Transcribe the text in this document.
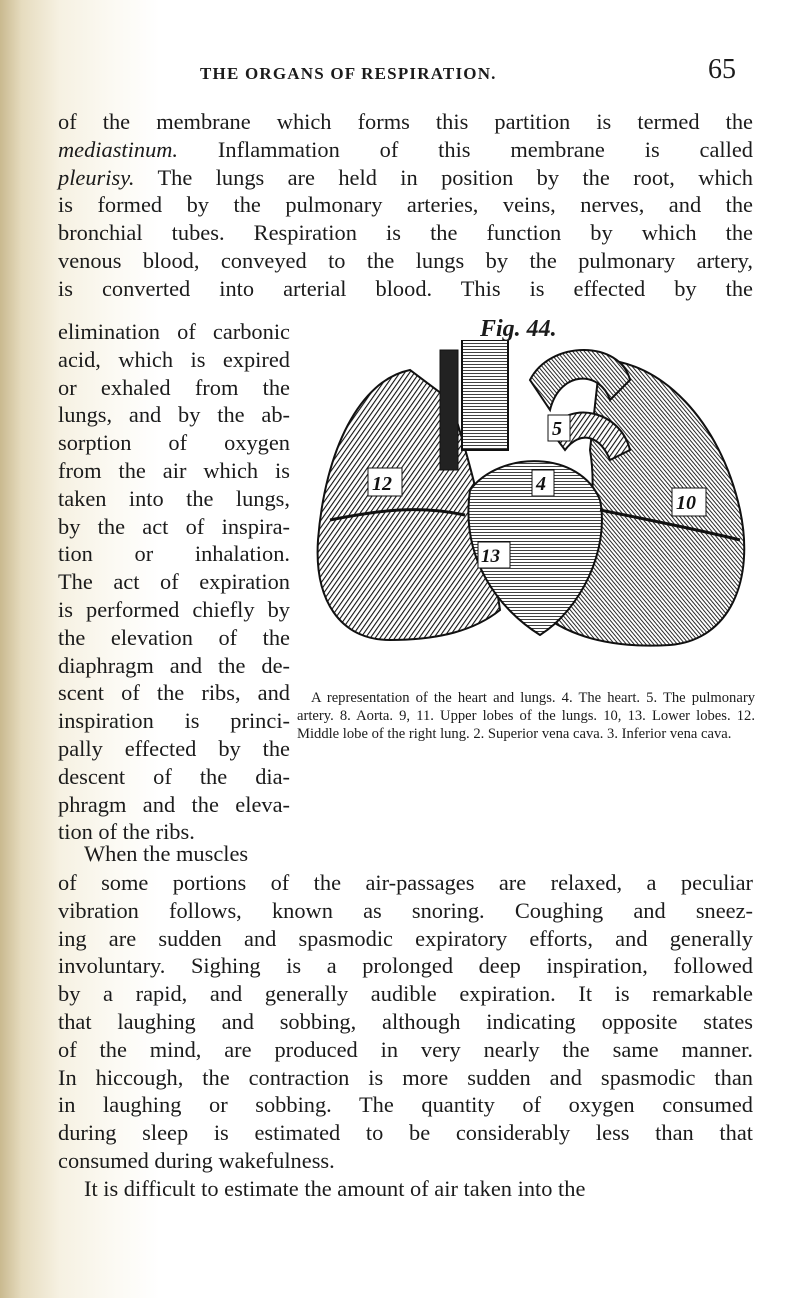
THE ORGANS OF RESPIRATION.	65
of the membrane which forms this partition is termed the
mediastinum. Inflammation of this membrane is called
pleurisy. The lungs are held in position by the root, which
is formed by the pulmonary arteries, veins, nerves, and the
bronchial tubes. Respiration is the function by which the
venous blood, conveyed to the lungs by the pulmonary artery,
is converted into arterial blood. This is effected by the
elimination of carbonic
acid, which is expired
or exhaled from the
lungs, and by the ab-
sorption of oxygen
from the air which is
taken into the lungs,
by the act of inspira-
tion or inhalation.
The act of expiration
is performed chiefly by
the elevation of the
diaphragm and the de-
scent of the ribs, and
inspiration is princi-
pally effected by the
descent of the dia-
phragm and the eleva-
tion of the ribs.
Fig. 44.
5
12	4
10
13
A representation of the heart and lungs. 4. The heart. 5. The pulmonary artery. 8. Aorta. 9, 11. Upper lobes of the lungs. 10, 13. Lower lobes. 12. Middle lobe of the right lung. 2. Superior vena cava. 3. Inferior vena cava.
When the muscles
of some portions of the air-passages are relaxed, a peculiar
vibration follows, known as snoring. Coughing and sneez-
ing are sudden and spasmodic expiratory efforts, and generally
involuntary. Sighing is a prolonged deep inspiration, followed
by a rapid, and generally audible expiration. It is remarkable
that laughing and sobbing, although indicating opposite states
of the mind, are produced in very nearly the same manner.
In hiccough, the contraction is more sudden and spasmodic than
in laughing or sobbing. The quantity of oxygen consumed
during sleep is estimated to be considerably less than that
consumed during wakefulness.
It is difficult to estimate the amount of air taken into the
